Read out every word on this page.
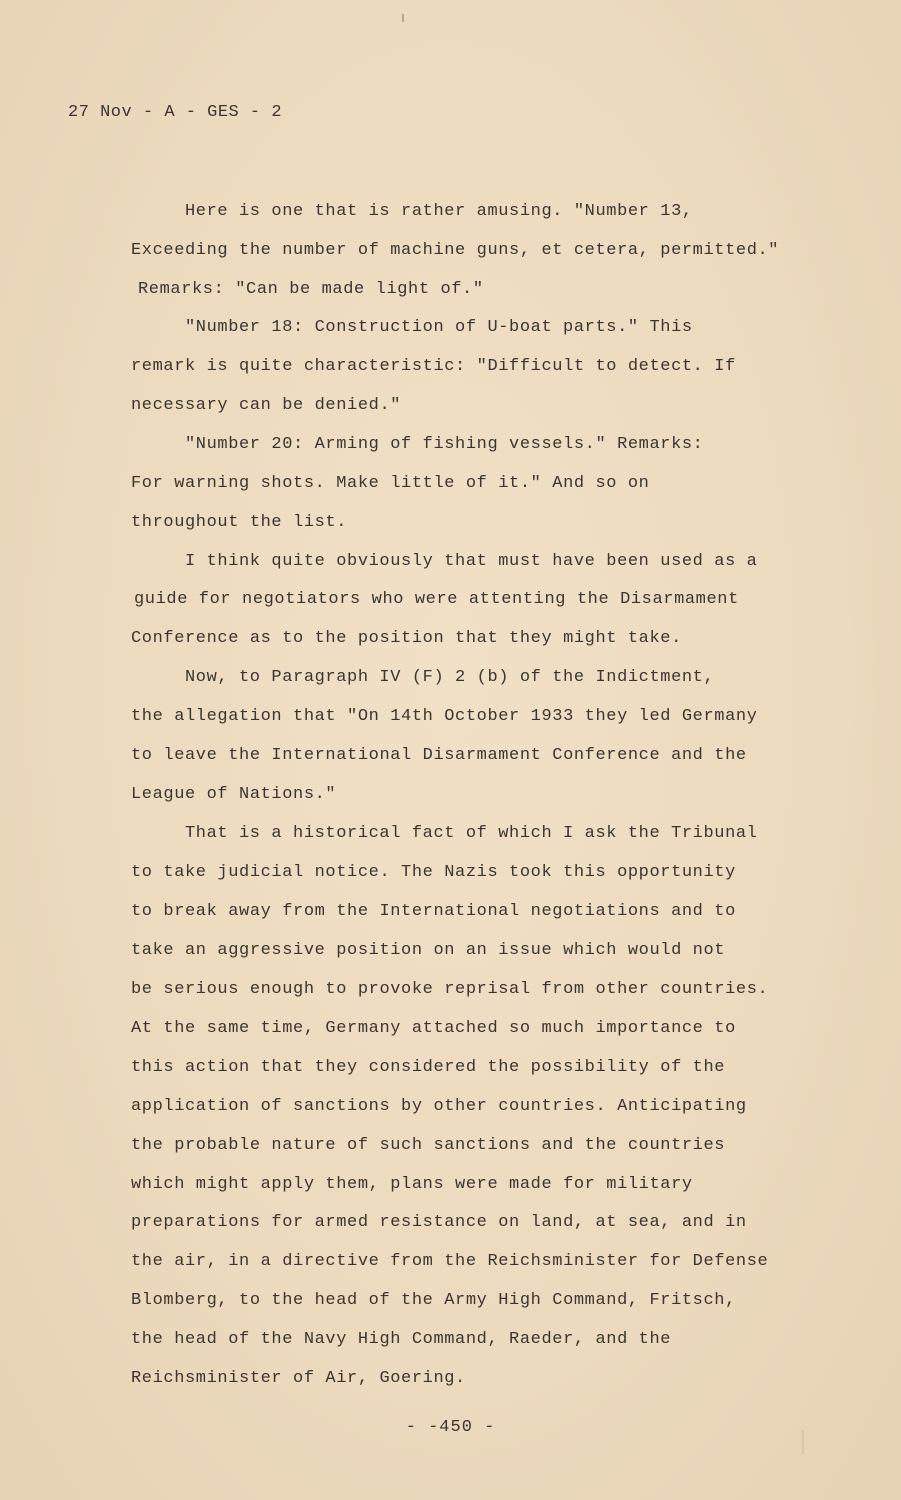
27 Nov - A - GES - 2
Here is one that is rather amusing. "Number 13,
Exceeding the number of machine guns, et cetera, permitted."
Remarks: "Can be made light of."
"Number 18: Construction of U-boat parts." This
remark is quite characteristic: "Difficult to detect. If
necessary can be denied."
"Number 20: Arming of fishing vessels." Remarks:
For warning shots. Make little of it." And so on
throughout the list.
I think quite obviously that must have been used as a
guide for negotiators who were attenting the Disarmament
Conference as to the position that they might take.
Now, to Paragraph IV (F) 2 (b) of the Indictment,
the allegation that "On 14th October 1933 they led Germany
to leave the International Disarmament Conference and the
League of Nations."
That is a historical fact of which I ask the Tribunal
to take judicial notice. The Nazis took this opportunity
to break away from the International negotiations and to
take an aggressive position on an issue which would not
be serious enough to provoke reprisal from other countries.
At the same time, Germany attached so much importance to
this action that they considered the possibility of the
application of sanctions by other countries. Anticipating
the probable nature of such sanctions and the countries
which might apply them, plans were made for military
preparations for armed resistance on land, at sea, and in
the air, in a directive from the Reichsminister for Defense
Blomberg, to the head of the Army High Command, Fritsch,
the head of the Navy High Command, Raeder, and the
Reichsminister of Air, Goering.
- -450 -
